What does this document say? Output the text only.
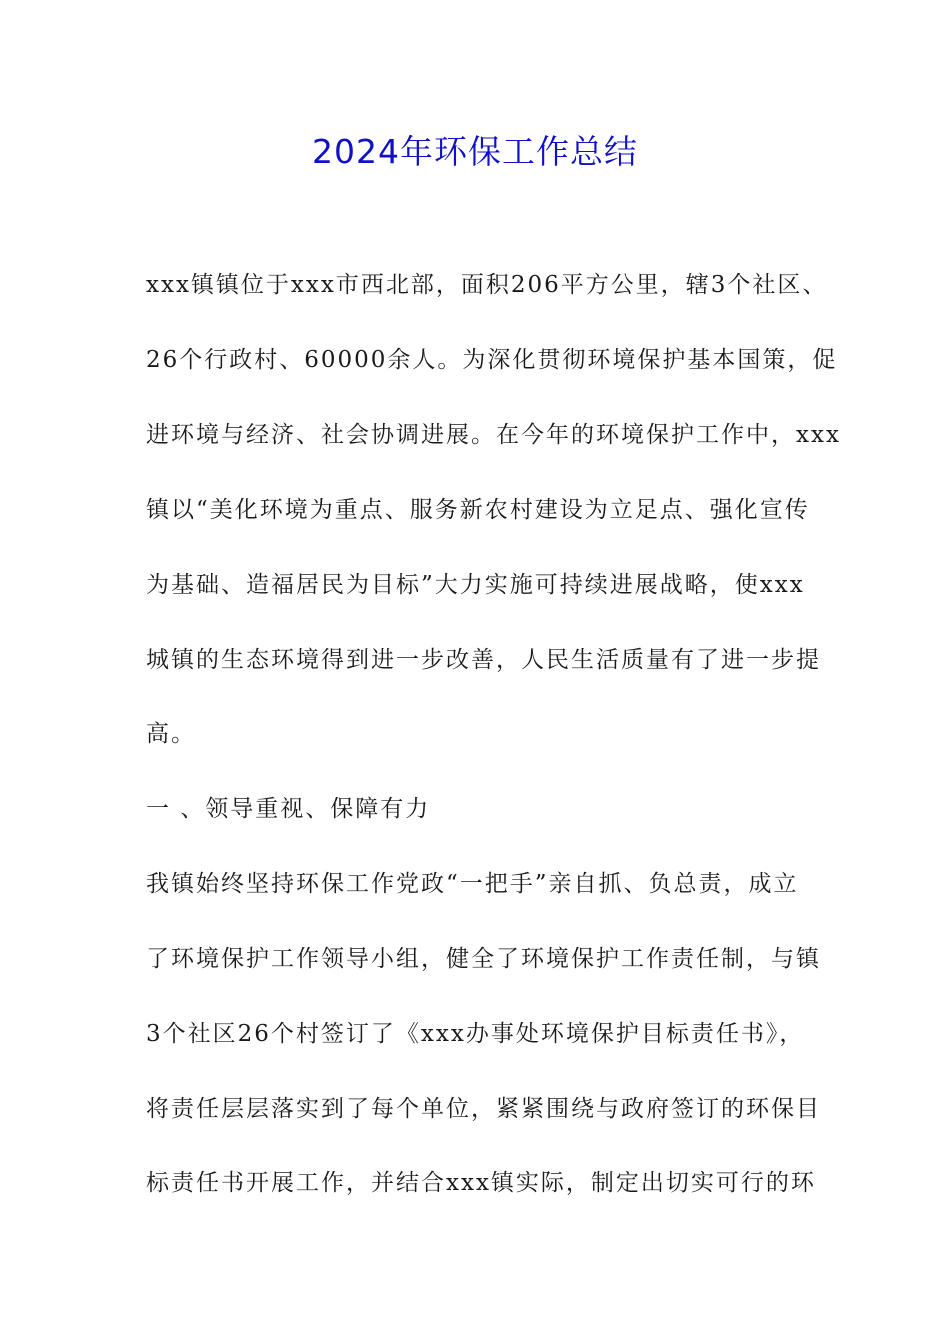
2024年环保工作总结
xxx镇镇位于xxx市西北部，面积206平方公里，辖3个社区、
26个行政村、60000余人。为深化贯彻环境保护基本国策，促
进环境与经济、社会协调进展。在今年的环境保护工作中，xxx
镇以“美化环境为重点、服务新农村建设为立足点、强化宣传
为基础、造福居民为目标”大力实施可持续进展战略，使xxx
城镇的生态环境得到进一步改善，人民生活质量有了进一步提
高。
一 、领导重视、保障有力
我镇始终坚持环保工作党政“一把手”亲自抓、负总责，成立
了环境保护工作领导小组，健全了环境保护工作责任制，与镇
3个社区26个村签订了《xxx办事处环境保护目标责任书》，
将责任层层落实到了每个单位，紧紧围绕与政府签订的环保目
标责任书开展工作，并结合xxx镇实际，制定出切实可行的环
